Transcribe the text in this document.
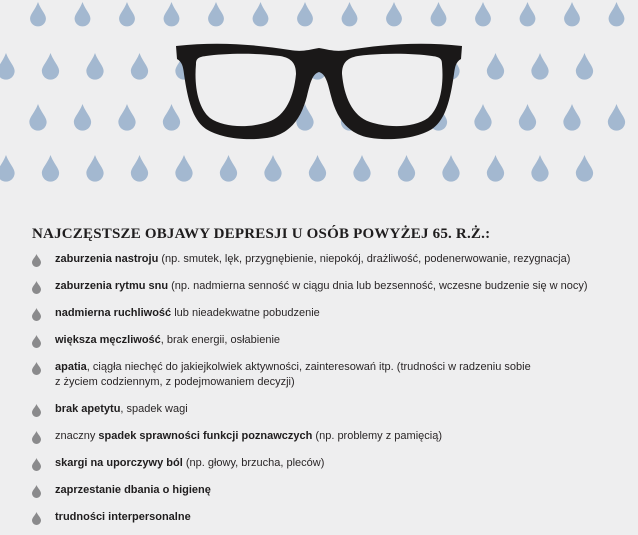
NAJCZĘSTSZE OBJAWY DEPRESJI U OSÓB POWYŻEJ 65. R.Ż.:
zaburzenia nastroju (np. smutek, lęk, przygnębienie, niepokój, drażliwość, podenerwowanie, rezygnacja)
zaburzenia rytmu snu (np. nadmierna senność w ciągu dnia lub bezsenność, wczesne budzenie się w nocy)
nadmierna ruchliwość lub nieadekwatne pobudzenie
większa męczliwość, brak energii, osłabienie
apatia, ciągła niechęć do jakiejkolwiek aktywności, zainteresowań itp. (trudności w radzeniu sobie
z życiem codziennym, z podejmowaniem decyzji)
brak apetytu, spadek wagi
znaczny spadek sprawności funkcji poznawczych (np. problemy z pamięcią)
skargi na uporczywy ból (np. głowy, brzucha, pleców)
zaprzestanie dbania o higienę
trudności interpersonalne
